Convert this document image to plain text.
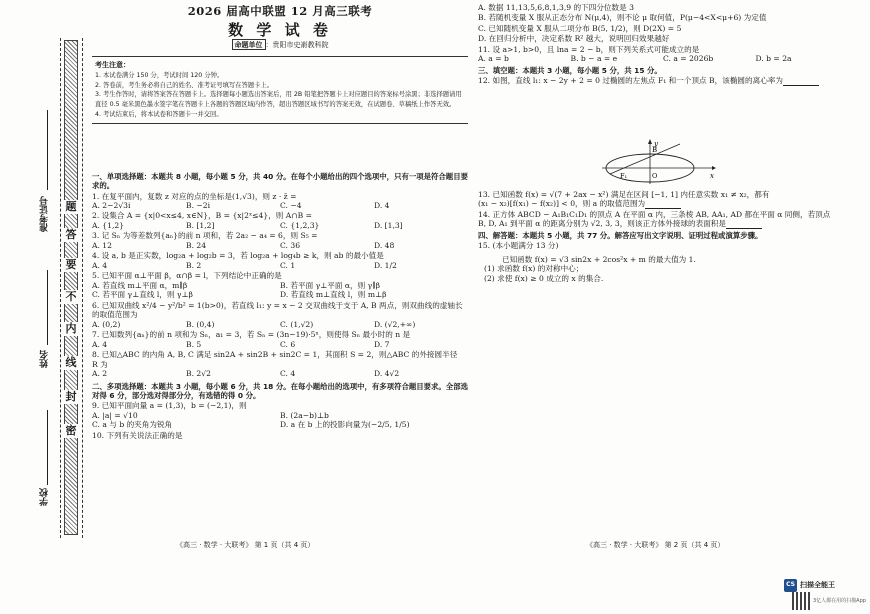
题
答
要
不
内
线
封
密
学校
姓名
准考证号
2026 届高中联盟 12 月高三联考
数 学 试 卷
命题单位 ：贵阳市史嵛教科院
考生注意：
1. 本试卷满分 150 分，考试时间 120 分钟。
2. 答卷前，考生务必将自己的姓名、准考证号填写在答题卡上。
3. 考生作答时，请将答案答在答题卡上。选择题每小题选出答案后，用 2B 铅笔把答题卡上对应题目的答案标号涂黑；非选择题请用直径 0.5 毫米黑色墨水签字笔在答题卡上各题的答题区域内作答，超出答题区域书写的答案无效，在试题卷、草稿纸上作答无效。
4. 考试结束后，将本试卷和答题卡一并交回。
一、单项选择题：本题共 8 小题，每小题 5 分，共 40 分。在每个小题给出的四个选项中，只有一项是符合题目要求的。
1. 在复平面内，复数 z 对应的点的坐标是(1,√3)，则 z · z̄ =
A. 2−2√3i	B. −2i	C. −4	D. 4
2. 设集合 A = {x|0<x≤4, x∈N}，B = {x|2ˣ≤4}，则 A∩B =
A. {1,2}	B. [1,2]	C. {1,2,3}	D. [1,3]
3. 记 Sₙ 为等差数列{aₙ}的前 n 项和，若 2a₂ − a₄ = 6，则 S₅ =
A. 12	B. 24	C. 36	D. 48
4. 设 a, b 是正实数，log₂a + log₂b = 3，若 log₂a + log₄b ≥ k，则 ab 的最小值是
A. 4	B. 2	C. 1	D. 1/2
5. 已知平面 α⊥平面 β，α∩β = l，下列结论中正确的是
A. 若直线 m⊥平面 α，m∥β	B. 若平面 γ⊥平面 α，则 γ∥β
C. 若平面 γ⊥直线 l，则 γ⊥β	D. 若直线 m⊥直线 l，则 m⊥β
6. 已知双曲线 x²/4 − y²/b² = 1(b>0)，若直线 l₁: y = x − 2 交双曲线于支于 A, B 两点，则双曲线的虚轴长
的取值范围为
A. (0,2)	B. (0,4)	C. (1,√2)	D. (√2,+∞)
7. 已知数列{aₙ}的前 n 项和为 Sₙ，a₁ = 3，若 Sₙ = (3n−19)·5ⁿ，则使得 Sₙ 最小时的 n 是
A. 4	B. 5	C. 6	D. 7
8. 已知△ABC 的内角 A, B, C 满足 sin2A + sin2B + sin2C = 1，其面积 S = 2，则△ABC 的外接圆半径
R 为
A. 2	B. 2√2	C. 4	D. 4√2
二、多项选择题：本题共 3 小题，每小题 6 分，共 18 分。在每小题给出的选项中，有多项符合题目要求。全部选对得 6 分，部分选对得部分分，有选错的得 0 分。
9. 已知平面向量 a = (1,3)，b = (−2,1)，则
A. |a| = √10	B. (2a−b)⊥b
C. a 与 b 的夹角为锐角	D. a 在 b 上的投影向量为(−2/5, 1/5)
10. 下列有关说法正确的是
《高三 · 数学 · 大联考》 第 1 页（共 4 页）
A. 数据 11,13,5,6,8,1,3,9 的下四分位数是 3
B. 若随机变量 X 服从正态分布 N(μ,4)，则不论 μ 取何值，P(μ−4<X<μ+6) 为定值
C. 已知随机变量 X 服从二项分布 B(5, 1/2)，则 D(2X) = 5
D. 在回归分析中，决定系数 R² 越大，说明回归效果越好
11. 设 a>1, b>0，且 lna = 2 − b，则下列关系式可能成立的是
A. a = b	B. b − a = e	C. a = 2026b	D. b = 2a
三、填空题：本题共 3 小题，每小题 5 分，共 15 分。
12. 如图，直线 l₁: x − 2y + 2 = 0 过椭圆的左焦点 F₁ 和一个顶点 B，该椭圆的离心率为
y
x
B
F₁	O
13. 已知函数 f(x) = √(7 + 2ax − x²) 满足在区间 [−1, 1] 内任意实数 x₁ ≠ x₂，都有
(x₁ − x₂)[f(x₁) − f(x₂)] < 0，则 a 的取值范围为
14. 正方体 ABCD − A₁B₁C₁D₁ 的顶点 A 在平面 α 内，三条棱 AB, AA₁, AD 都在平面 α 同侧，若顶点
B, D, A₁ 到平面 α 的距离分别为 √2, 3, 3，则该正方体外接球的表面积是
四、解答题：本题共 5 小题，共 77 分。解答应写出文字说明、证明过程或演算步骤。
15. (本小题满分 13 分)
已知函数 f(x) = √3 sin2x + 2cos²x + m 的最大值为 1.
(1) 求函数 f(x) 的对称中心；
(2) 求使 f(x) ≥ 0 成立的 x 的集合.
《高三 · 数学 · 大联考》 第 2 页（共 4 页）
CS 扫描全能王
3亿人都在用的扫描App
